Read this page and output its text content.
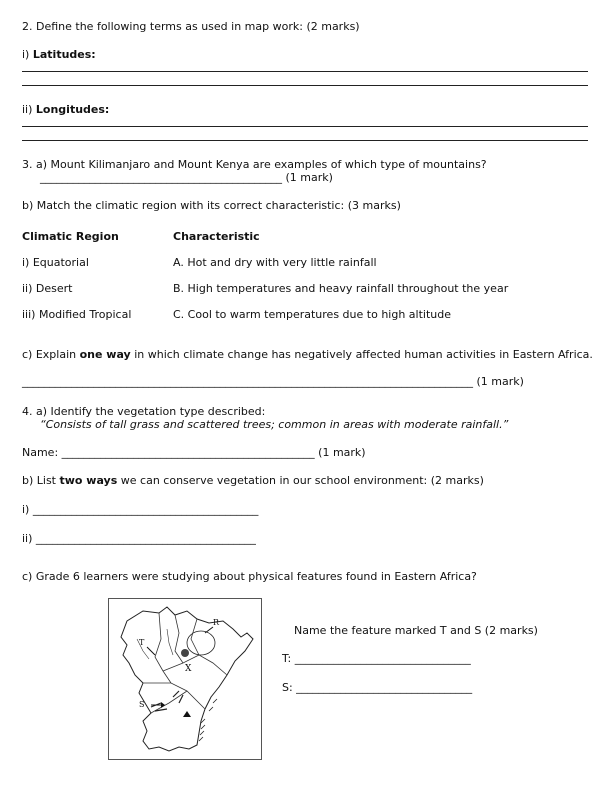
2. Define the following terms as used in map work: (2 marks)
i) Latitudes:
ii) Longitudes:
3. a) Mount Kilimanjaro and Mount Kenya are examples of which type of mountains?
____________________________________________ (1 mark)
b) Match the climatic region with its correct characteristic: (3 marks)
Climatic Region	Characteristic
i) Equatorial	A. Hot and dry with very little rainfall
ii) Desert	B. High temperatures and heavy rainfall throughout the year
iii) Modified Tropical	C. Cool to warm temperatures due to high altitude
c) Explain one way in which climate change has negatively affected human activities in Eastern Africa.
__________________________________________________________________________________ (1 mark)
4. a) Identify the vegetation type described:
“Consists of tall grass and scattered trees; common in areas with moderate rainfall.”
Name: ______________________________________________ (1 mark)
b) List two ways we can conserve vegetation in our school environment: (2 marks)
i) _________________________________________
ii) ________________________________________
c) Grade 6 learners were studying about physical features found in Eastern Africa?
T
R
X
S
Name the feature marked T and S (2 marks)
T: ________________________________
S: ________________________________
